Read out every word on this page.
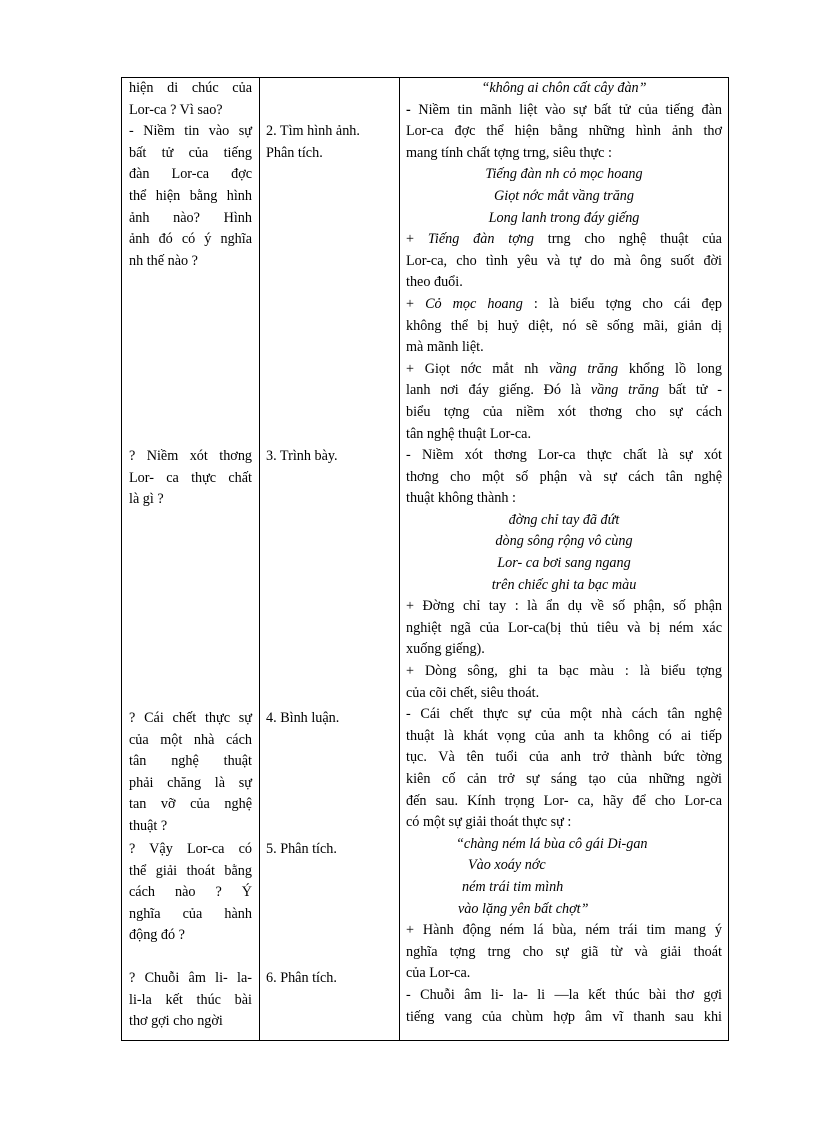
hiện di chúc của
Lor-ca ? Vì sao?
- Niềm tin vào sự
bất tử của tiếng
đàn Lor-ca đợc
thể hiện bằng hình
ảnh nào? Hình
ảnh đó có ý nghĩa
nh thế nào ?
? Niềm xót thơng
Lor- ca thực chất
là gì ?
? Cái chết thực sự
của một nhà cách
tân nghệ thuật
phải chăng là sự
tan vỡ của nghệ
thuật ?
? Vậy Lor-ca có
thể giải thoát bằng
cách nào ? Ý
nghĩa của hành
động đó ?
? Chuỗi âm li- la-
li-la kết thúc bài
thơ gợi cho ngời
2. Tìm hình ảnh.
Phân tích.
3. Trình bày.
4. Bình luận.
5. Phân tích.
6. Phân tích.
“không ai chôn cất cây đàn”
- Niềm tin mãnh liệt vào sự bất tử của tiếng đàn
Lor-ca đợc thể hiện bằng những hình ảnh thơ
mang tính chất tợng trng, siêu thực :
Tiếng đàn nh cỏ mọc hoang
Giọt nớc mắt vầng trăng
Long lanh trong đáy giếng
+ Tiếng đàn tợng trng cho nghệ thuật của
Lor-ca, cho tình yêu và tự do mà ông suốt đời
theo đuổi.
+ Cỏ mọc hoang : là biểu tợng cho cái đẹp
không thể bị huỷ diệt, nó sẽ sống mãi, giản dị
mà mãnh liệt.
+ Giọt nớc mắt nh vầng trăng khổng lồ long
lanh nơi đáy giếng. Đó là vầng trăng bất tử -
biểu tợng của niềm xót thơng cho sự cách
tân nghệ thuật Lor-ca.
- Niềm xót thơng Lor-ca thực chất là sự xót
thơng cho một số phận và sự cách tân nghệ
thuật không thành :
đờng chỉ tay đã đứt
dòng sông rộng vô cùng
Lor- ca bơi sang ngang
trên chiếc ghi ta bạc màu
+ Đờng chỉ tay : là ẩn dụ về số phận, số phận
nghiệt ngã của Lor-ca(bị thủ tiêu và bị ném xác
xuống giếng).
+ Dòng sông, ghi ta bạc màu : là biểu tợng
của cõi chết, siêu thoát.
- Cái chết thực sự của một nhà cách tân nghệ
thuật là khát vọng của anh ta không có ai tiếp
tục. Và tên tuổi của anh trở thành bức tờng
kiên cố cản trở sự sáng tạo của những ngời
đến sau. Kính trọng Lor- ca, hãy để cho Lor-ca
có một sự giải thoát thực sự :
“chàng ném lá bùa cô gái Di-gan
Vào xoáy nớc
ném trái tim mình
vào lặng yên bất chợt”
+ Hành động ném lá bùa, ném trái tim mang ý
nghĩa tợng trng cho sự giã từ và giải thoát
của Lor-ca.
- Chuỗi âm li- la- li —la kết thúc bài thơ gợi
tiếng vang của chùm hợp âm vĩ thanh sau khi
